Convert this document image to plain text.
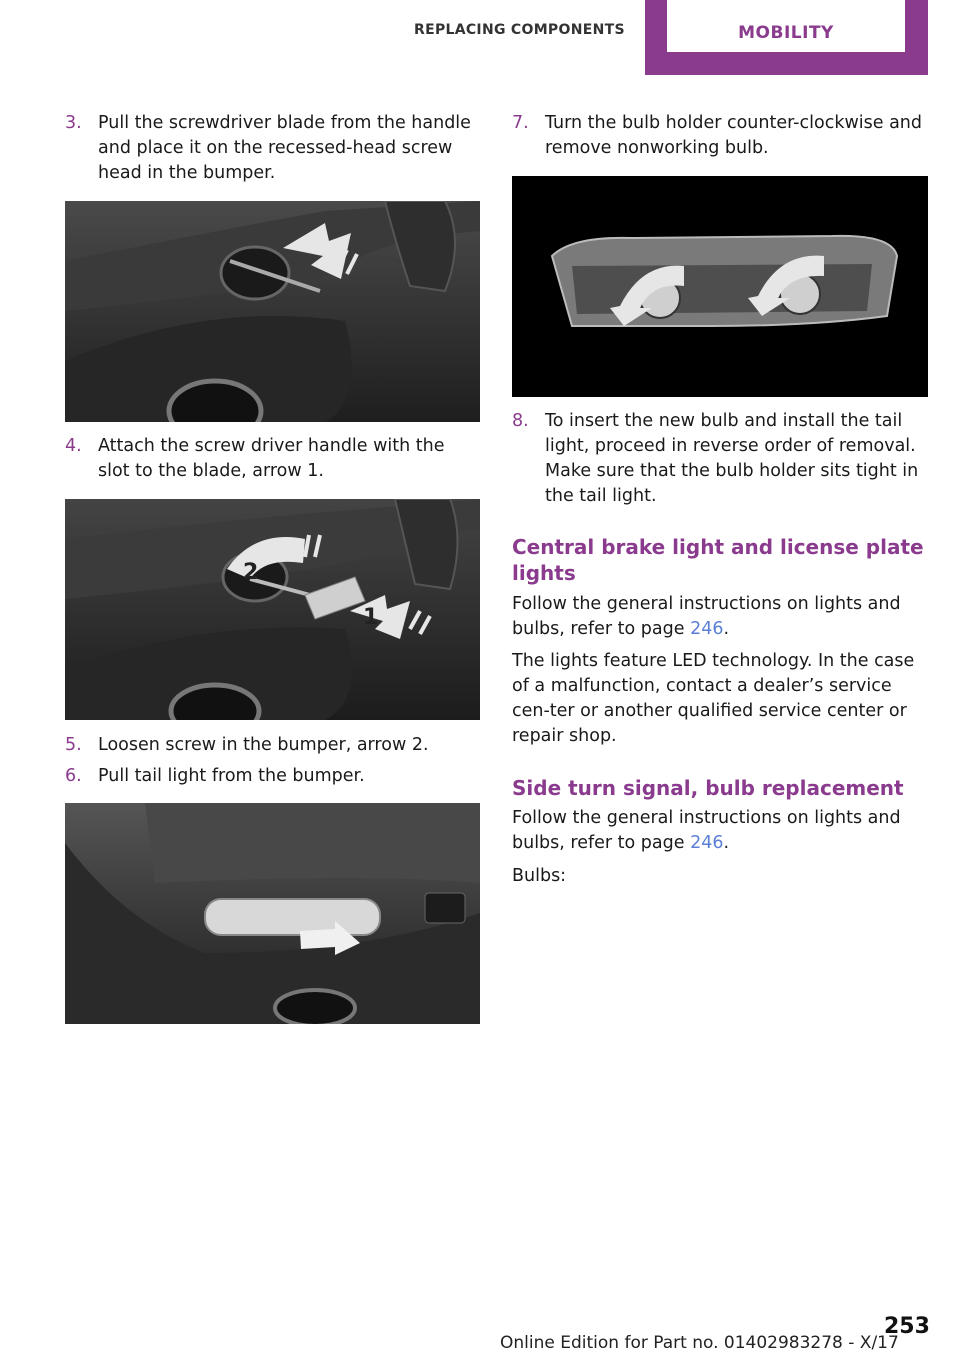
REPLACING COMPONENTS	MOBILITY
3. Pull the screwdriver blade from the handle and place it on the recessed-head screw head in the bumper.
4. Attach the screw driver handle with the slot to the blade, arrow 1.
2
1
5. Loosen screw in the bumper, arrow 2.
6. Pull tail light from the bumper.
7. Turn the bulb holder counter-clockwise and remove nonworking bulb.
8. To insert the new bulb and install the tail light, proceed in reverse order of removal. Make sure that the bulb holder sits tight in the tail light.
Central brake light and license plate lights
Follow the general instructions on lights and bulbs, refer to page 246.
The lights feature LED technology. In the case of a malfunction, contact a dealer’s service cen-ter or another qualified service center or repair shop.
Side turn signal, bulb replacement
Follow the general instructions on lights and bulbs, refer to page 246.
Bulbs:
Online Edition for Part no. 01402983278 - X/17
253
